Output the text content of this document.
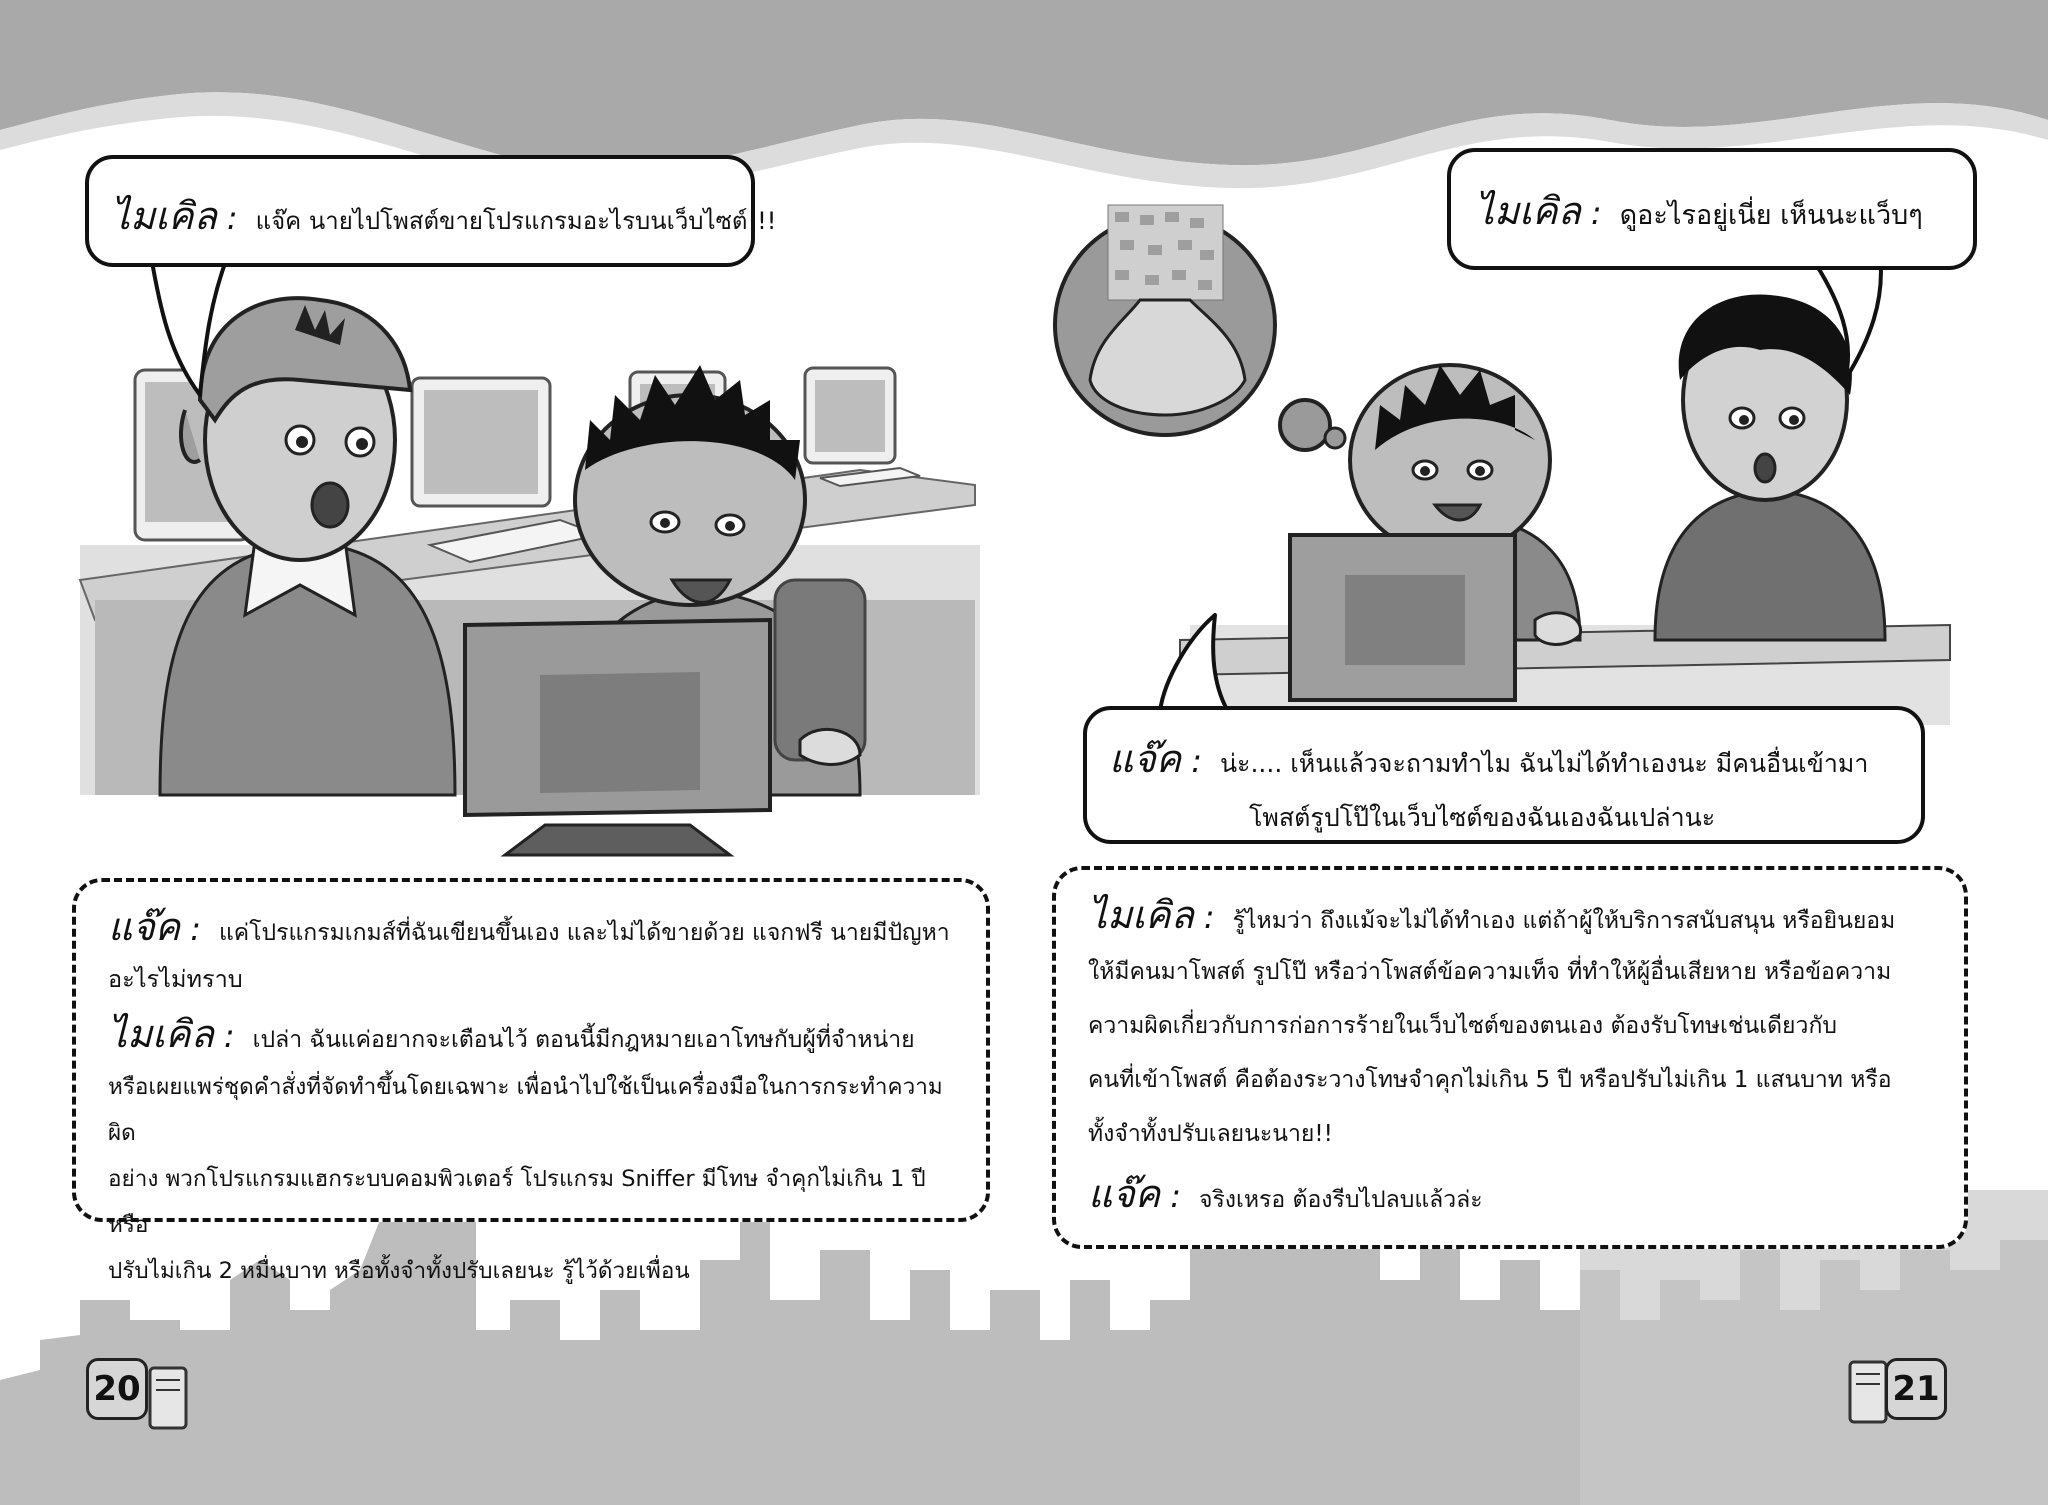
ไมเคิล : แจ๊ค นายไปโพสต์ขายโปรแกรมอะไรบนเว็บไซต์!!!	ไมเคิล : ดูอะไรอยู่เนี่ย เห็นนะแว็บๆ
แจ๊ค : น่ะ.... เห็นแล้วจะถามทำไม ฉันไม่ได้ทำเองนะ มีคนอื่นเข้ามา
โพสต์รูปโป๊ในเว็บไซต์ของฉันเองฉันเปล่านะ
แจ๊ค : แค่โปรแกรมเกมส์ที่ฉันเขียนขึ้นเอง และไม่ได้ขายด้วย แจกฟรี นายมีปัญหา
อะไรไม่ทราบ
ไมเคิล : เปล่า ฉันแค่อยากจะเตือนไว้ ตอนนี้มีกฎหมายเอาโทษกับผู้ที่จำหน่าย
หรือเผยแพร่ชุดคำสั่งที่จัดทำขึ้นโดยเฉพาะ เพื่อนำไปใช้เป็นเครื่องมือในการกระทำความผิด
อย่าง พวกโปรแกรมแฮกระบบคอมพิวเตอร์ โปรแกรม Sniffer มีโทษ จำคุกไม่เกิน 1 ปี หรือ
ปรับไม่เกิน 2 หมื่นบาท หรือทั้งจำทั้งปรับเลยนะ รู้ไว้ด้วยเพื่อน
ไมเคิล : รู้ไหมว่า ถึงแม้จะไม่ได้ทำเอง แต่ถ้าผู้ให้บริการสนับสนุน หรือยินยอม
ให้มีคนมาโพสต์ รูปโป๊ หรือว่าโพสต์ข้อความเท็จ ที่ทำให้ผู้อื่นเสียหาย หรือข้อความ
ความผิดเกี่ยวกับการก่อการร้ายในเว็บไซต์ของตนเอง ต้องรับโทษเช่นเดียวกับ
คนที่เข้าโพสต์ คือต้องระวางโทษจำคุกไม่เกิน 5 ปี หรือปรับไม่เกิน 1 แสนบาท หรือ
ทั้งจำทั้งปรับเลยนะนาย!!
แจ๊ค : จริงเหรอ ต้องรีบไปลบแล้วล่ะ
20	21
